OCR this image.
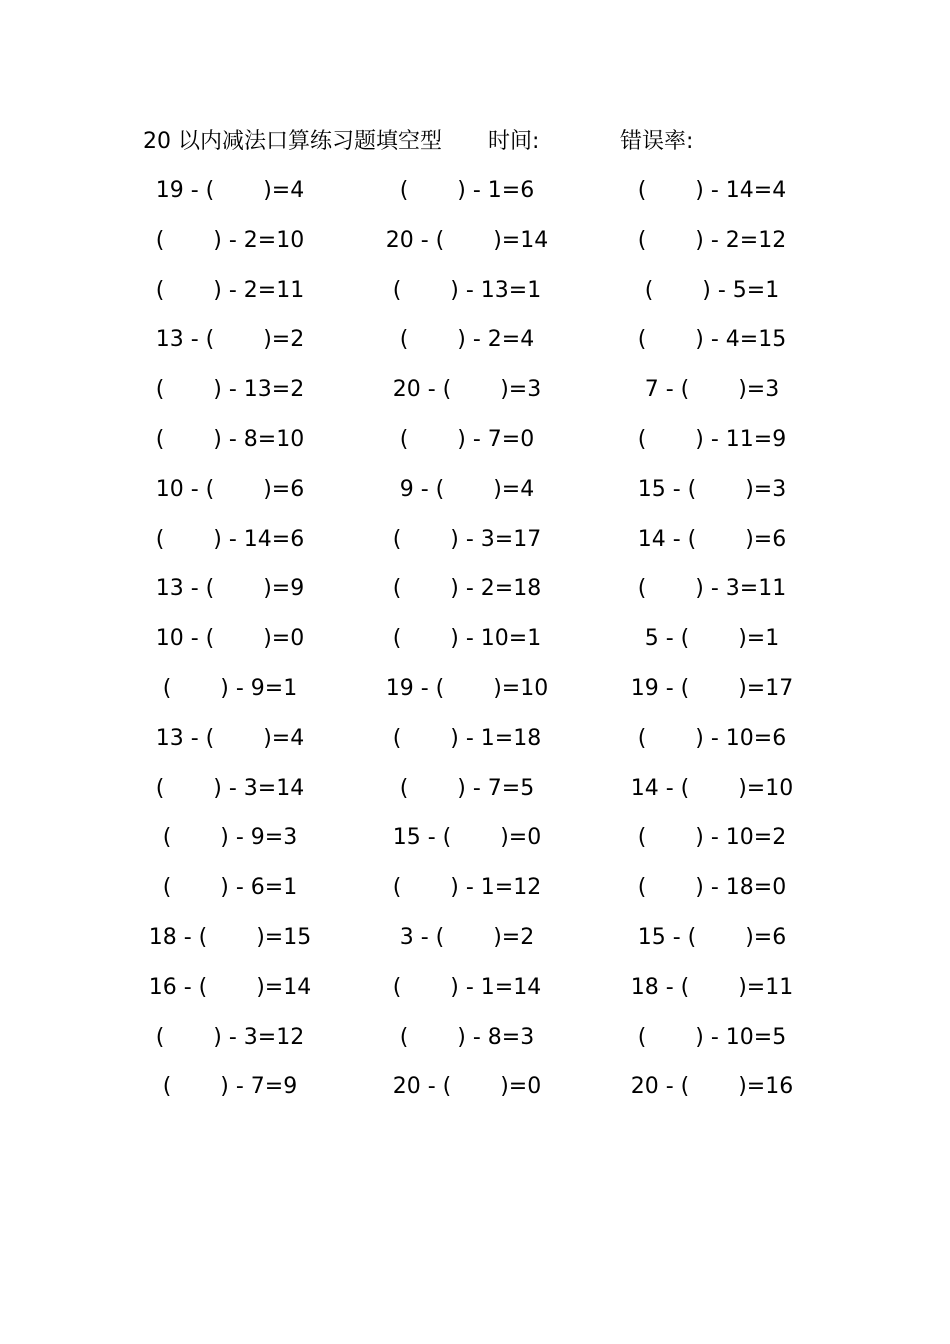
20 以内减法口算练习题填空型 时间:	错误率:
19 - (       )=4	(       ) - 1=6	(       ) - 14=4
(       ) - 2=10	20 - (       )=14	(       ) - 2=12
(       ) - 2=11	(       ) - 13=1	(       ) - 5=1
13 - (       )=2	(       ) - 2=4	(       ) - 4=15
(       ) - 13=2	20 - (       )=3	7 - (       )=3
(       ) - 8=10	(       ) - 7=0	(       ) - 11=9
10 - (       )=6	9 - (       )=4	15 - (       )=3
(       ) - 14=6	(       ) - 3=17	14 - (       )=6
13 - (       )=9	(       ) - 2=18	(       ) - 3=11
10 - (       )=0	(       ) - 10=1	5 - (       )=1
(       ) - 9=1	19 - (       )=10	19 - (       )=17
13 - (       )=4	(       ) - 1=18	(       ) - 10=6
(       ) - 3=14	(       ) - 7=5	14 - (       )=10
(       ) - 9=3	15 - (       )=0	(       ) - 10=2
(       ) - 6=1	(       ) - 1=12	(       ) - 18=0
18 - (       )=15	3 - (       )=2	15 - (       )=6
16 - (       )=14	(       ) - 1=14	18 - (       )=11
(       ) - 3=12	(       ) - 8=3	(       ) - 10=5
(       ) - 7=9	20 - (       )=0	20 - (       )=16
